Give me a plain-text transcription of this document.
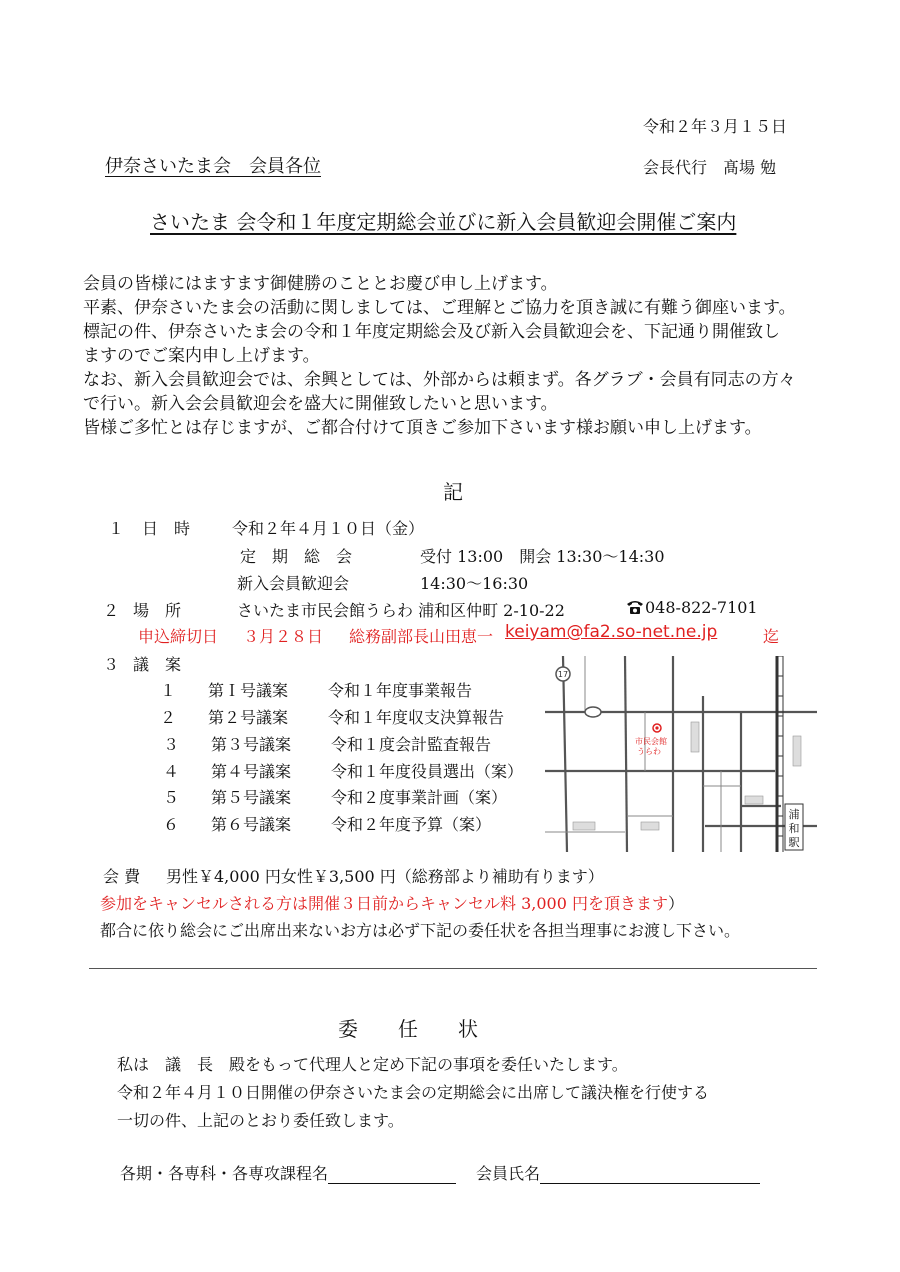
令和２年３月１５日
伊奈さいたま会　会員各位	会長代行　髙場 勉
さいたま 会令和１年度定期総会並びに新入会員歓迎会開催ご案内
会員の皆様にはますます御健勝のこととお慶び申し上げます。
平素、伊奈さいたま会の活動に関しましては、ご理解とご協力を頂き誠に有難う御座います。
標記の件、伊奈さいたま会の令和１年度定期総会及び新入会員歓迎会を、下記通り開催致し
ますのでご案内申し上げます。
なお、新入会員歓迎会では、余興としては、外部からは頼まず。各グラブ・会員有同志の方々
で行い。新入会会員歓迎会を盛大に開催致したいと思います。
皆様ご多忙とは存じますが、ご都合付けて頂きご参加下さいます様お願い申し上げます。
記
１ 日　時	令和２年４月１０日（金）
定　期　総　会	受付 13:00　開会 13:30～14:30
新入会員歓迎会	14:30～16:30
２ 場　所	さいたま市民会館うらわ 浦和区仲町 2-10-22	048-822-7101
申込締切日 ３月２８日 総務副部長山田恵一 keiyam@fa2.so-net.ne.jp	迄
３ 議　案
１ 第Ｉ号議案 令和１年度事業報告
２ 第２号議案 令和１年度収支決算報告
３ 第３号議案 令和１度会計監査報告
４ 第４号議案 令和１年度役員選出（案）
５ 第５号議案 令和２度事業計画（案）
６ 第６号議案 令和２年度予算（案）
浦
和
駅
17
市民会館
うらわ
会 費 男性￥4,000 円女性￥3,500 円（総務部より補助有ります）
参加をキャンセルされる方は開催３日前からキャンセル料 3,000 円を頂きます）
都合に依り総会にご出席出来ないお方は必ず下記の委任状を各担当理事にお渡し下さい。
委　　任　　状
私は　議　長　殿をもって代理人と定め下記の事項を委任いたします。
令和２年４月１０日開催の伊奈さいたま会の定期総会に出席して議決権を行使する
一切の件、上記のとおり委任致します。
各期・各専科・各専攻課程名	会員氏名
